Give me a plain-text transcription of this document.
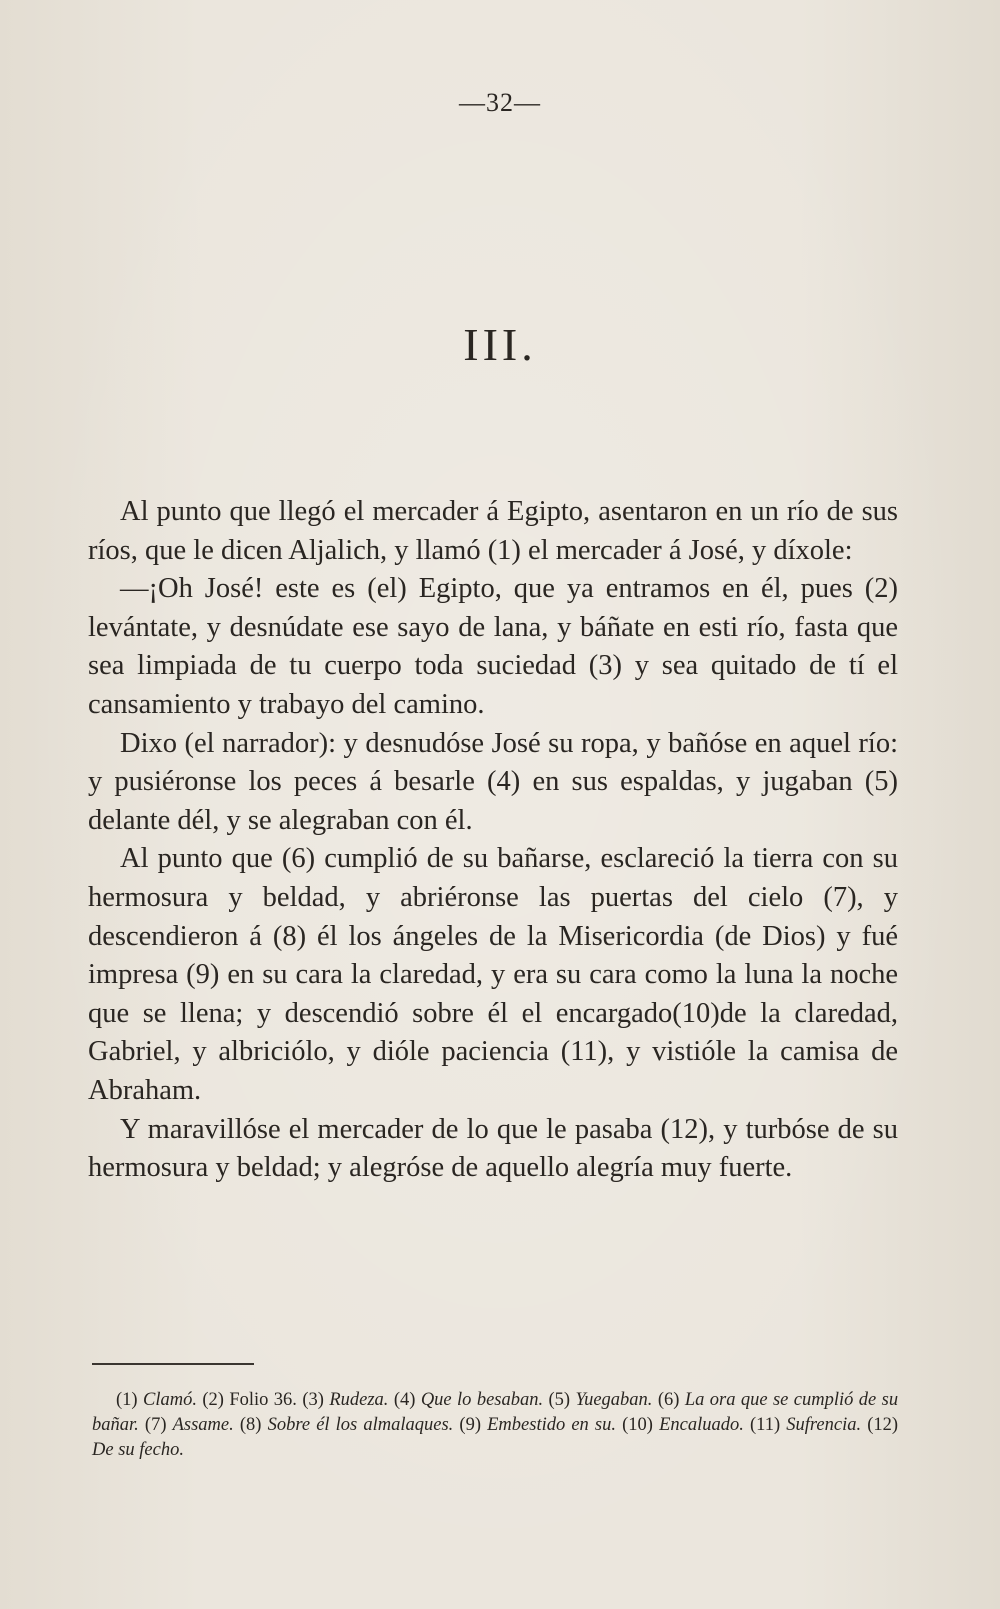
—32—
III.

Al punto que llegó el mercader á Egipto, asentaron en un río de sus ríos, que le dicen Aljalich, y llamó (1) el mercader á José, y díxole:

—¡Oh José! este es (el) Egipto, que ya entramos en él, pues (2) levántate, y desnúdate ese sayo de lana, y báñate en esti río, fasta que sea limpiada de tu cuerpo toda suciedad (3) y sea quitado de tí el cansamiento y trabayo del camino.

Dixo (el narrador): y desnudóse José su ropa, y bañóse en aquel río: y pusiéronse los peces á besarle (4) en sus espaldas, y jugaban (5) delante dél, y se alegraban con él.

Al punto que (6) cumplió de su bañarse, esclareció la tierra con su hermosura y beldad, y abriéronse las puertas del cielo (7), y descendieron á (8) él los ángeles de la Misericordia (de Dios) y fué impresa (9) en su cara la claredad, y era su cara como la luna la noche que se llena; y descendió sobre él el encargado(10)de la claredad, Gabriel, y albriciólo, y dióle paciencia (11), y vistióle la camisa de Abraham.

Y maravillóse el mercader de lo que le pasaba (12), y turbóse de su hermosura y beldad; y alegróse de aquello alegría muy fuerte.

(1) Clamó. (2) Folio 36. (3) Rudeza. (4) Que lo besaban. (5) Yuegaban. (6) La ora que se cumplió de su bañar. (7) Assame. (8) Sobre él los almalaques. (9) Embestido en su. (10) Encaluado. (11) Sufrencia. (12) De su fecho.
